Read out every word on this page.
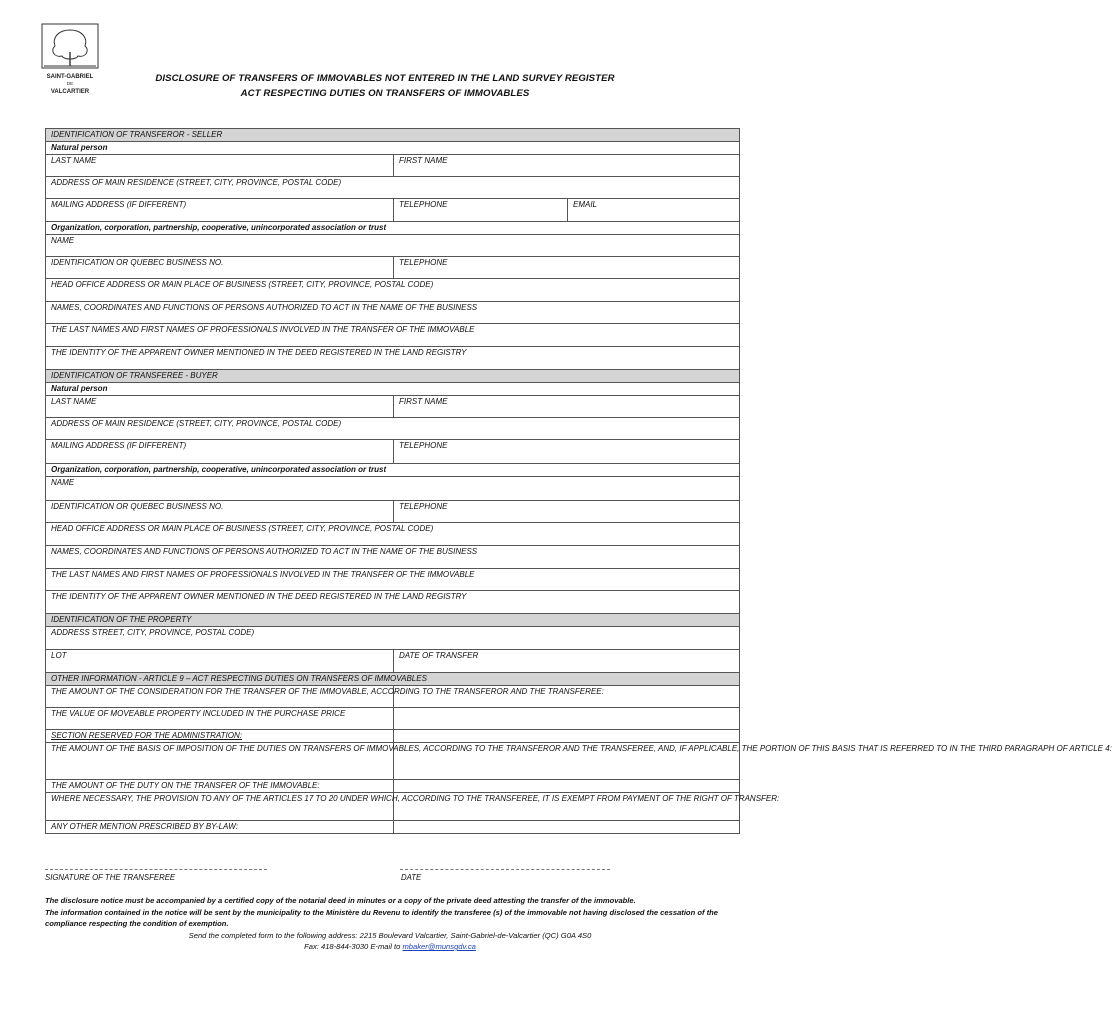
SAINT-GABRIEL
DE
VALCARTIER
DISCLOSURE OF TRANSFERS OF IMMOVABLES NOT ENTERED IN THE LAND SURVEY REGISTER
ACT RESPECTING DUTIES ON TRANSFERS OF IMMOVABLES
IDENTIFICATION OF TRANSFEROR - SELLER		
Natural person		
LAST NAME	FIRST NAME	
ADDRESS OF MAIN RESIDENCE (STREET, CITY, PROVINCE, POSTAL CODE)		
MAILING ADDRESS (IF DIFFERENT)	TELEPHONE	EMAIL
Organization, corporation, partnership, cooperative, unincorporated association or trust		
NAME		
IDENTIFICATION OR QUEBEC BUSINESS NO.	TELEPHONE	
HEAD OFFICE ADDRESS OR MAIN PLACE OF BUSINESS (STREET, CITY, PROVINCE, POSTAL CODE)		
NAMES, COORDINATES AND FUNCTIONS OF PERSONS AUTHORIZED TO ACT IN THE NAME OF THE BUSINESS		
THE LAST NAMES AND FIRST NAMES OF PROFESSIONALS INVOLVED IN THE TRANSFER OF THE IMMOVABLE		
THE IDENTITY OF THE APPARENT OWNER MENTIONED IN THE DEED REGISTERED IN THE LAND REGISTRY		
IDENTIFICATION OF TRANSFEREE - BUYER		
Natural person		
LAST NAME	FIRST NAME	
ADDRESS OF MAIN RESIDENCE (STREET, CITY, PROVINCE, POSTAL CODE)		
MAILING ADDRESS (IF DIFFERENT)	TELEPHONE	
Organization, corporation, partnership, cooperative, unincorporated association or trust		
NAME		
IDENTIFICATION OR QUEBEC BUSINESS NO.	TELEPHONE	
HEAD OFFICE ADDRESS OR MAIN PLACE OF BUSINESS (STREET, CITY, PROVINCE, POSTAL CODE)		
NAMES, COORDINATES AND FUNCTIONS OF PERSONS AUTHORIZED TO ACT IN THE NAME OF THE BUSINESS		
THE LAST NAMES AND FIRST NAMES OF PROFESSIONALS INVOLVED IN THE TRANSFER OF THE IMMOVABLE		
THE IDENTITY OF THE APPARENT OWNER MENTIONED IN THE DEED REGISTERED IN THE LAND REGISTRY		
IDENTIFICATION OF THE PROPERTY		
ADDRESS STREET, CITY, PROVINCE, POSTAL CODE)		
LOT	DATE OF TRANSFER	
OTHER INFORMATION - ARTICLE 9 – ACT RESPECTING DUTIES ON TRANSFERS OF IMMOVABLES		
THE AMOUNT OF THE CONSIDERATION FOR THE TRANSFER OF THE IMMOVABLE, ACCORDING TO THE TRANSFEROR AND THE TRANSFEREE:		
THE VALUE OF MOVEABLE PROPERTY INCLUDED IN THE PURCHASE PRICE		
SECTION RESERVED FOR THE ADMINISTRATION:		
THE AMOUNT OF THE BASIS OF IMPOSITION OF THE DUTIES ON TRANSFERS OF IMMOVABLES, ACCORDING TO THE TRANSFEROR AND THE TRANSFEREE, AND, IF APPLICABLE, THE PORTION OF THIS BASIS THAT IS REFERRED TO IN THE THIRD PARAGRAPH OF ARTICLE 4:		
THE AMOUNT OF THE DUTY ON THE TRANSFER OF THE IMMOVABLE:		
WHERE NECESSARY, THE PROVISION TO ANY OF THE ARTICLES 17 TO 20 UNDER WHICH, ACCORDING TO THE TRANSFEREE, IT IS EXEMPT FROM PAYMENT OF THE RIGHT OF TRANSFER:		
ANY OTHER MENTION PRESCRIBED BY BY-LAW:		
SIGNATURE OF THE TRANSFEREE	DATE
The disclosure notice must be accompanied by a certified copy of the notarial deed in minutes or a copy of the private deed attesting the transfer of the immovable.
The information contained in the notice will be sent by the municipality to the Ministère du Revenu to identify the transferee (s) of the immovable not having disclosed the cessation of the compliance respecting the condition of exemption.
Send the completed form to the following address: 2215 Boulevard Valcartier, Saint-Gabriel-de-Valcartier (QC) G0A 4S0
Fax: 418-844-3030 E-mail to mbaker@munsgdv.ca
